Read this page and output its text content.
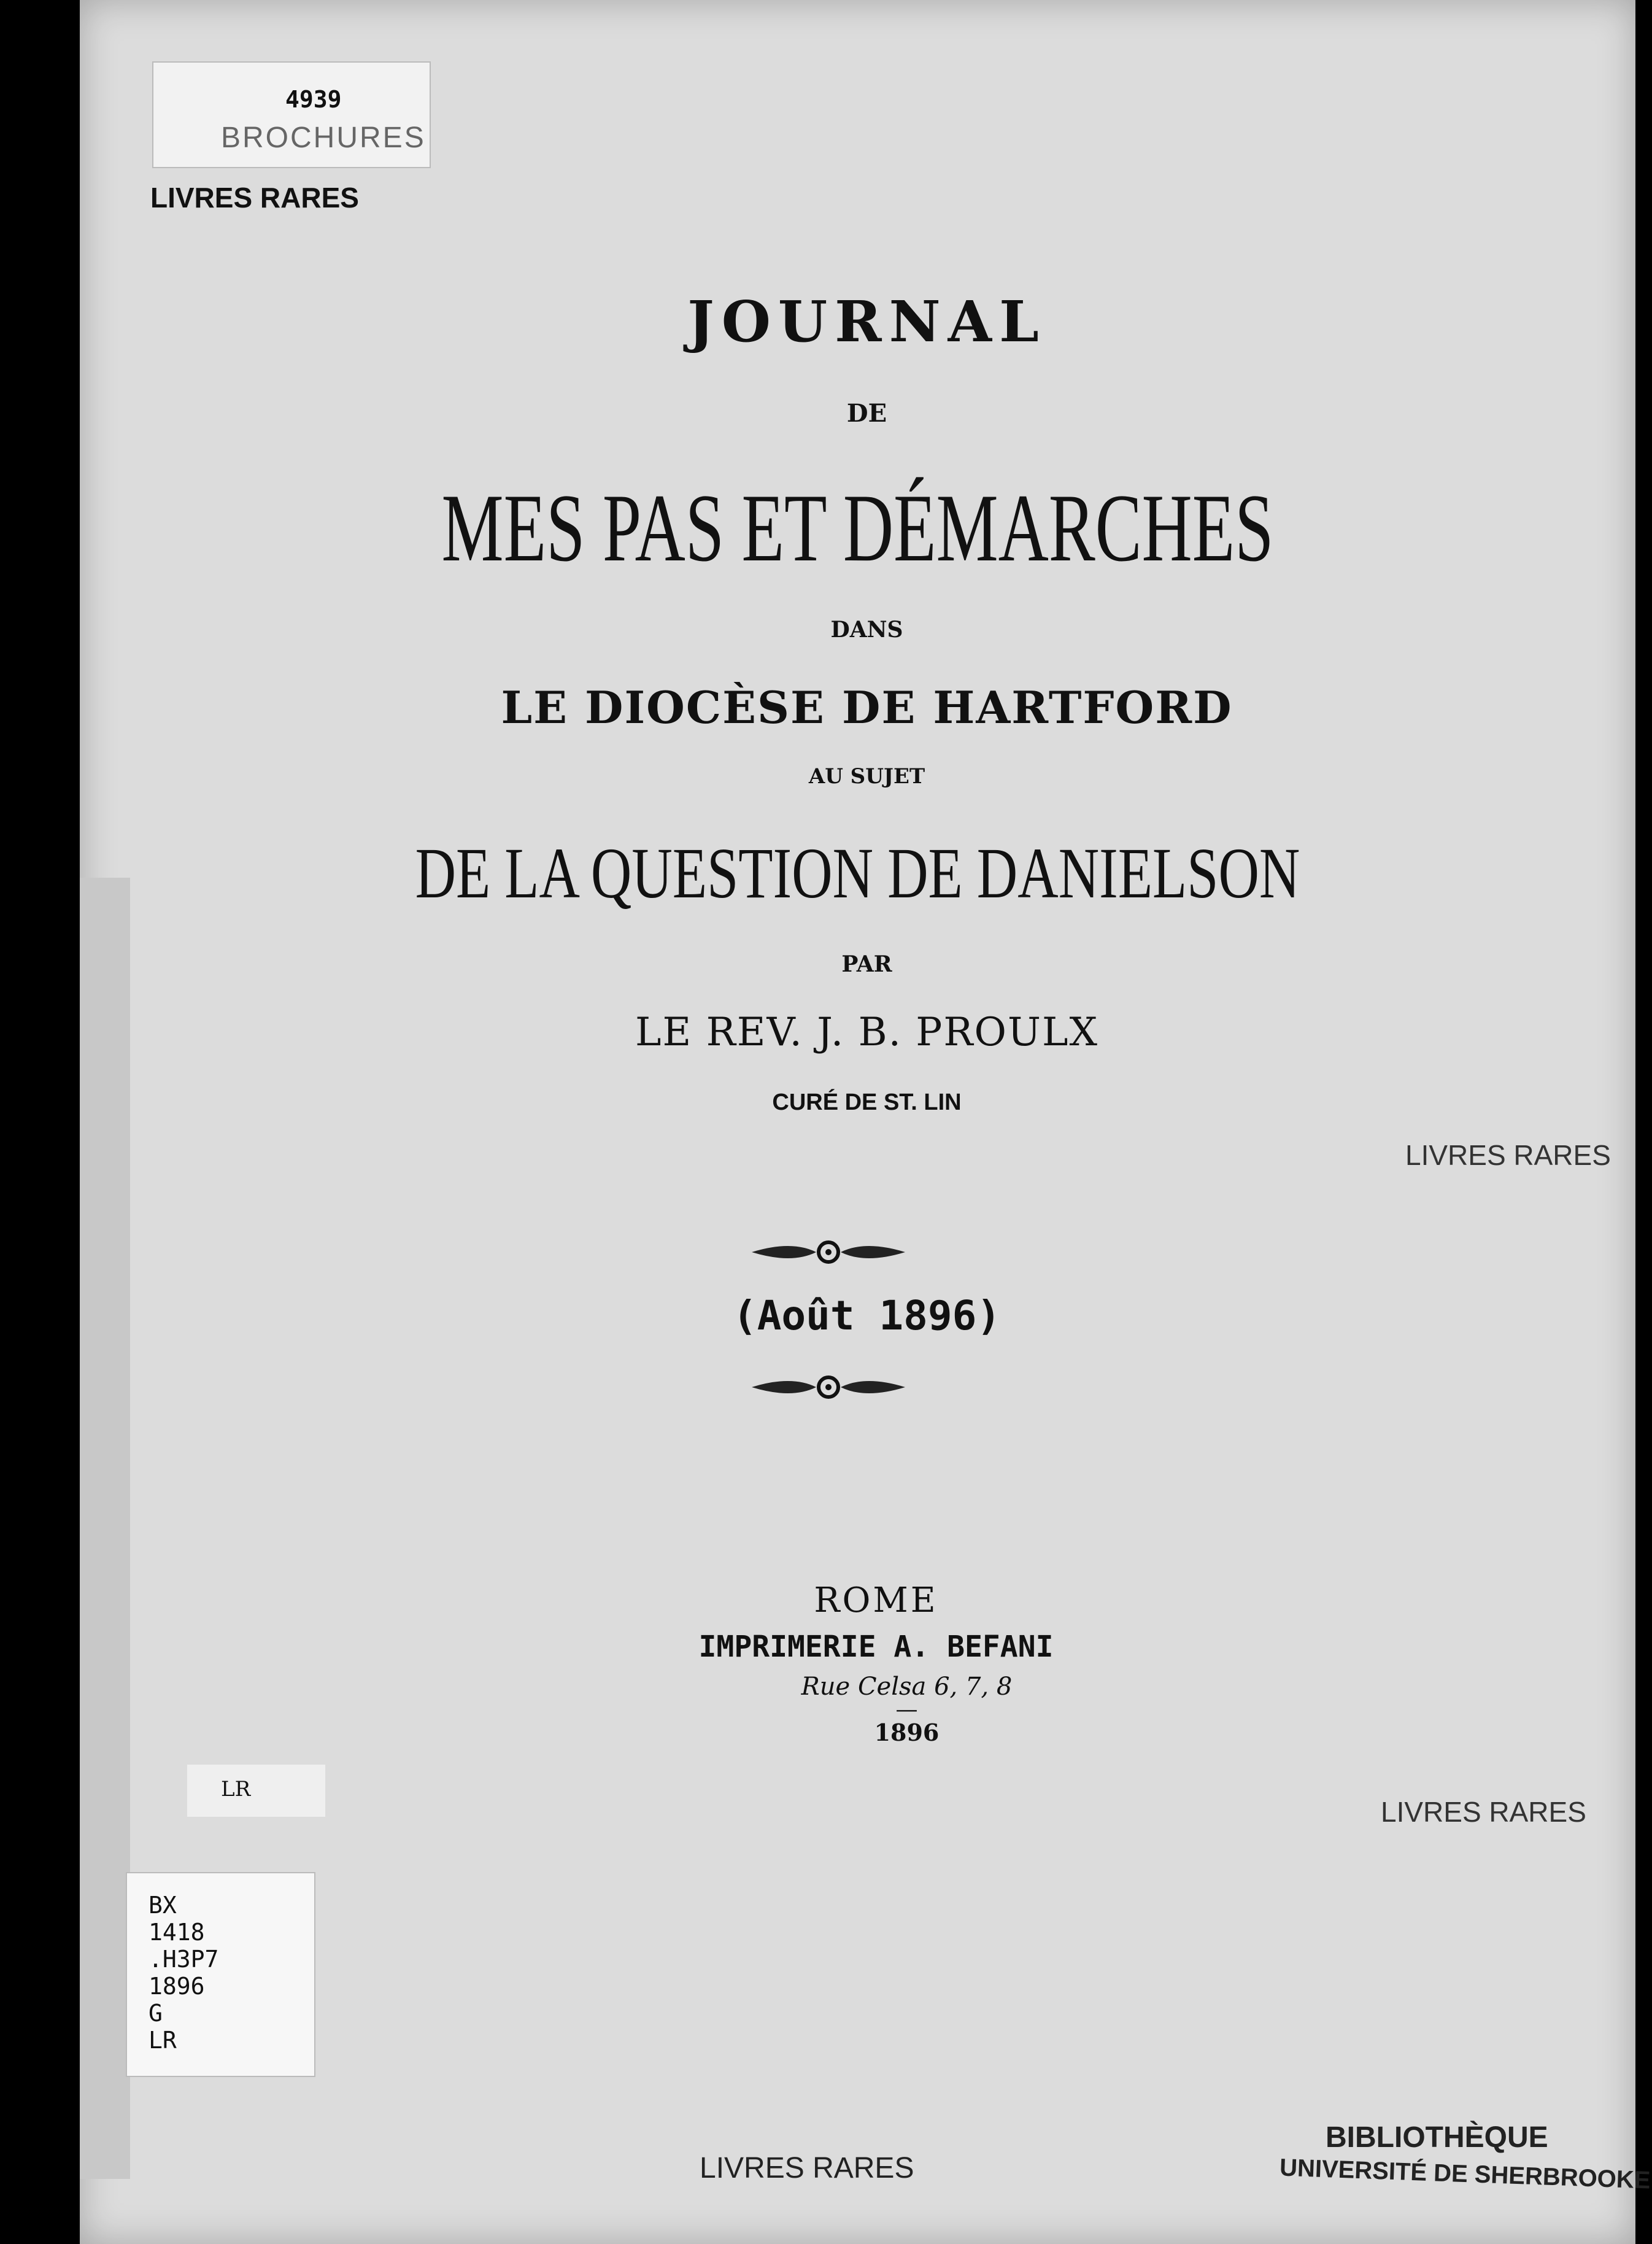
4939
BROCHURES
LIVRES RARES
JOURNAL
DE
MES PAS ET DÉMARCHES
DANS
LE DIOCÈSE DE HARTFORD
AU SUJET
DE LA QUESTION DE DANIELSON
PAR
LE REV. J. B. PROULX
CURÉ DE ST. LIN
(Août 1896)
ROME
IMPRIMERIE A. BEFANI
Rue Celsa 6, 7, 8
—
1896
LR
BX
1418
.H3P7
1896
G
LR
LIVRES RARES
LIVRES RARES
LIVRES RARES
BIBLIOTHÈQUE
UNIVERSITÉ DE SHERBROOKE
